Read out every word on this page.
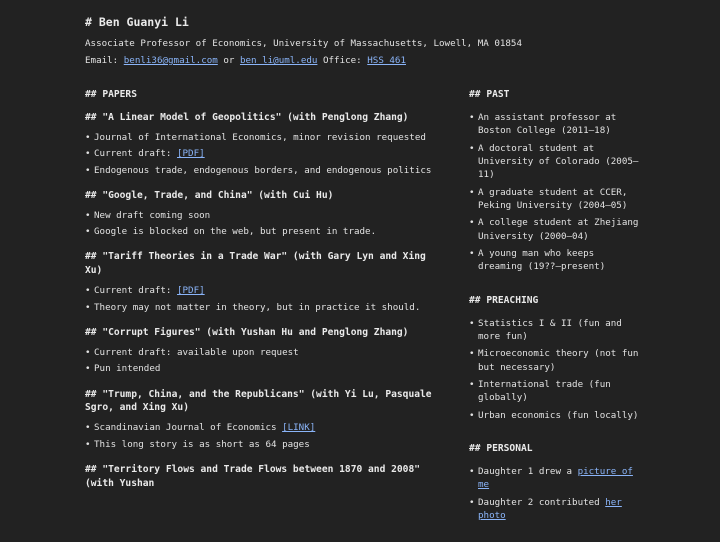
# Ben Guanyi Li
Associate Professor of Economics, University of Massachusetts, Lowell, MA 01854
Email: benli36@gmail.com or ben_li@uml.edu Office: HSS 461
## PAPERS
## "A Linear Model of Geopolitics" (with Penglong Zhang)
• Journal of International Economics, minor revision requested
• Current draft: [PDF]
• Endogenous trade, endogenous borders, and endogenous politics
## "Google, Trade, and China" (with Cui Hu)
• New draft coming soon
• Google is blocked on the web, but present in trade.
## "Tariff Theories in a Trade War" (with Gary Lyn and Xing Xu)
• Current draft: [PDF]
• Theory may not matter in theory, but in practice it should.
## "Corrupt Figures" (with Yushan Hu and Penglong Zhang)
• Current draft: available upon request
• Pun intended
## "Trump, China, and the Republicans" (with Yi Lu, Pasquale Sgro, and Xing Xu)
• Scandinavian Journal of Economics [LINK]
• This long story is as short as 64 pages
## "Territory Flows and Trade Flows between 1870 and 2008" (with Yushan
## PAST
• An assistant professor at Boston College (2011–18)
• A doctoral student at University of Colorado (2005–11)
• A graduate student at CCER, Peking University (2004–05)
• A college student at Zhejiang University (2000–04)
• A young man who keeps dreaming (19??–present)
## PREACHING
• Statistics I & II (fun and more fun)
• Microeconomic theory (not fun but necessary)
• International trade (fun globally)
• Urban economics (fun locally)
## PERSONAL
• Daughter 1 drew a picture of me
• Daughter 2 contributed her photo
